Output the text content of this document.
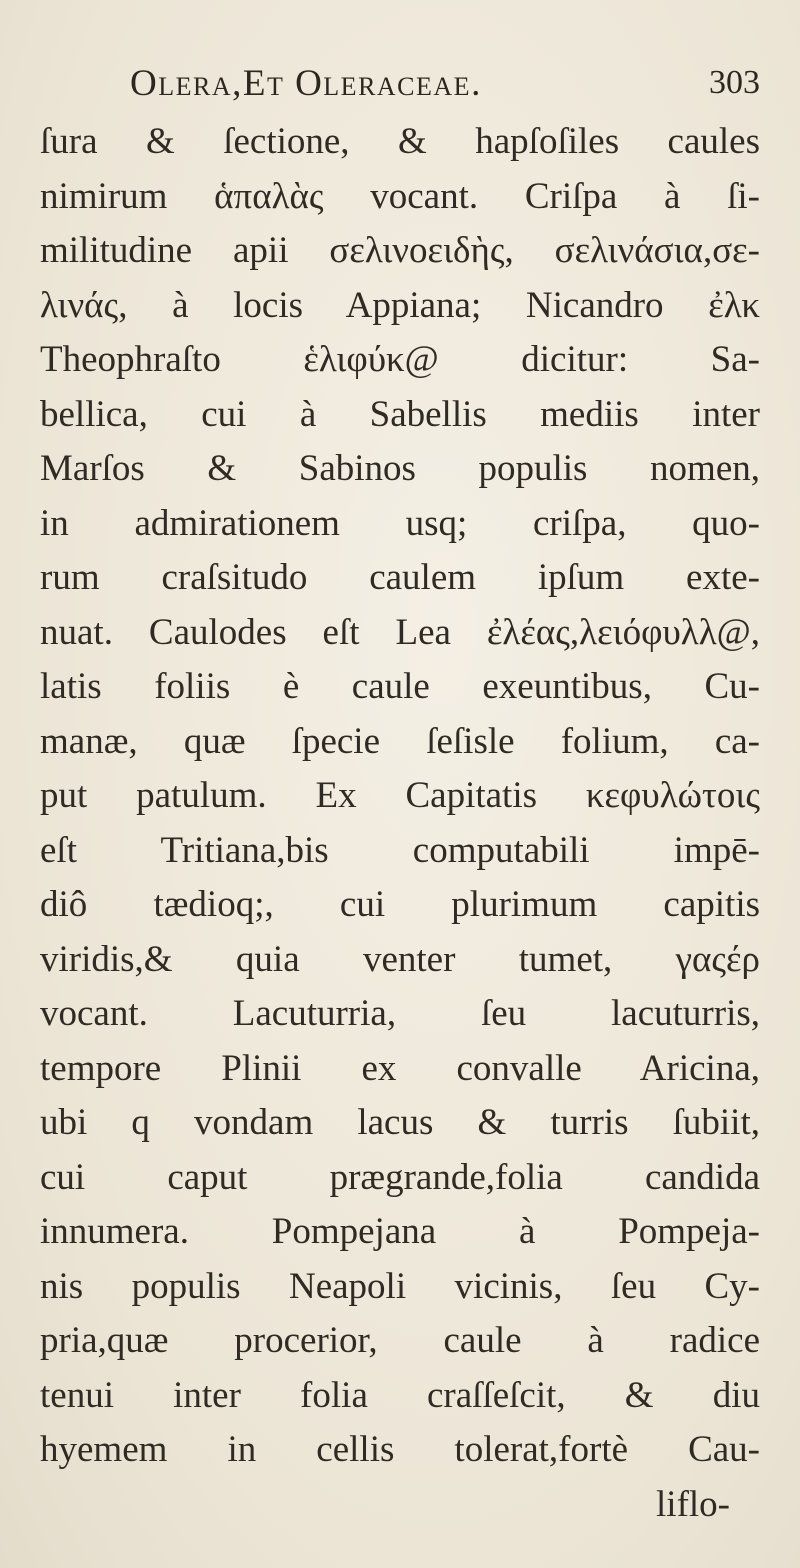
Olera,Et Oleraceae.	303
ſura & ſectione, & hapſoſiles caules
nimirum ἁπαλὰς vocant. Criſpa à ſi-
militudine apii σελινοειδὴς, σελινάσια,σε-
λινάς, à locis Appiana; Nicandro ἐλκ
Theophraſto ἑλιφύκ@ dicitur: Sa-
bellica, cui à Sabellis mediis inter
Marſos & Sabinos populis nomen,
in admirationem usq; criſpa, quo-
rum craſsitudo caulem ipſum exte-
nuat. Caulodes eſt Lea ἐλέας,λειόφυλλ@,
latis foliis è caule exeuntibus, Cu-
manæ, quæ ſpecie ſeſisle folium, ca-
put patulum. Ex Capitatis κεφυλώτοις
eſt Tritiana,bis computabili impē-
diô tædioq;, cui plurimum capitis
viridis,& quia venter tumet, γαςέρ
vocant. Lacuturria, ſeu lacuturris,
tempore Plinii ex convalle Aricina,
ubi q vondam lacus & turris ſubiit,
cui caput prægrande,folia candida
innumera. Pompejana à Pompeja-
nis populis Neapoli vicinis, ſeu Cy-
pria,quæ procerior, caule à radice
tenui inter folia craſſeſcit, & diu
hyemem in cellis tolerat,fortè Cau-
liflo-
